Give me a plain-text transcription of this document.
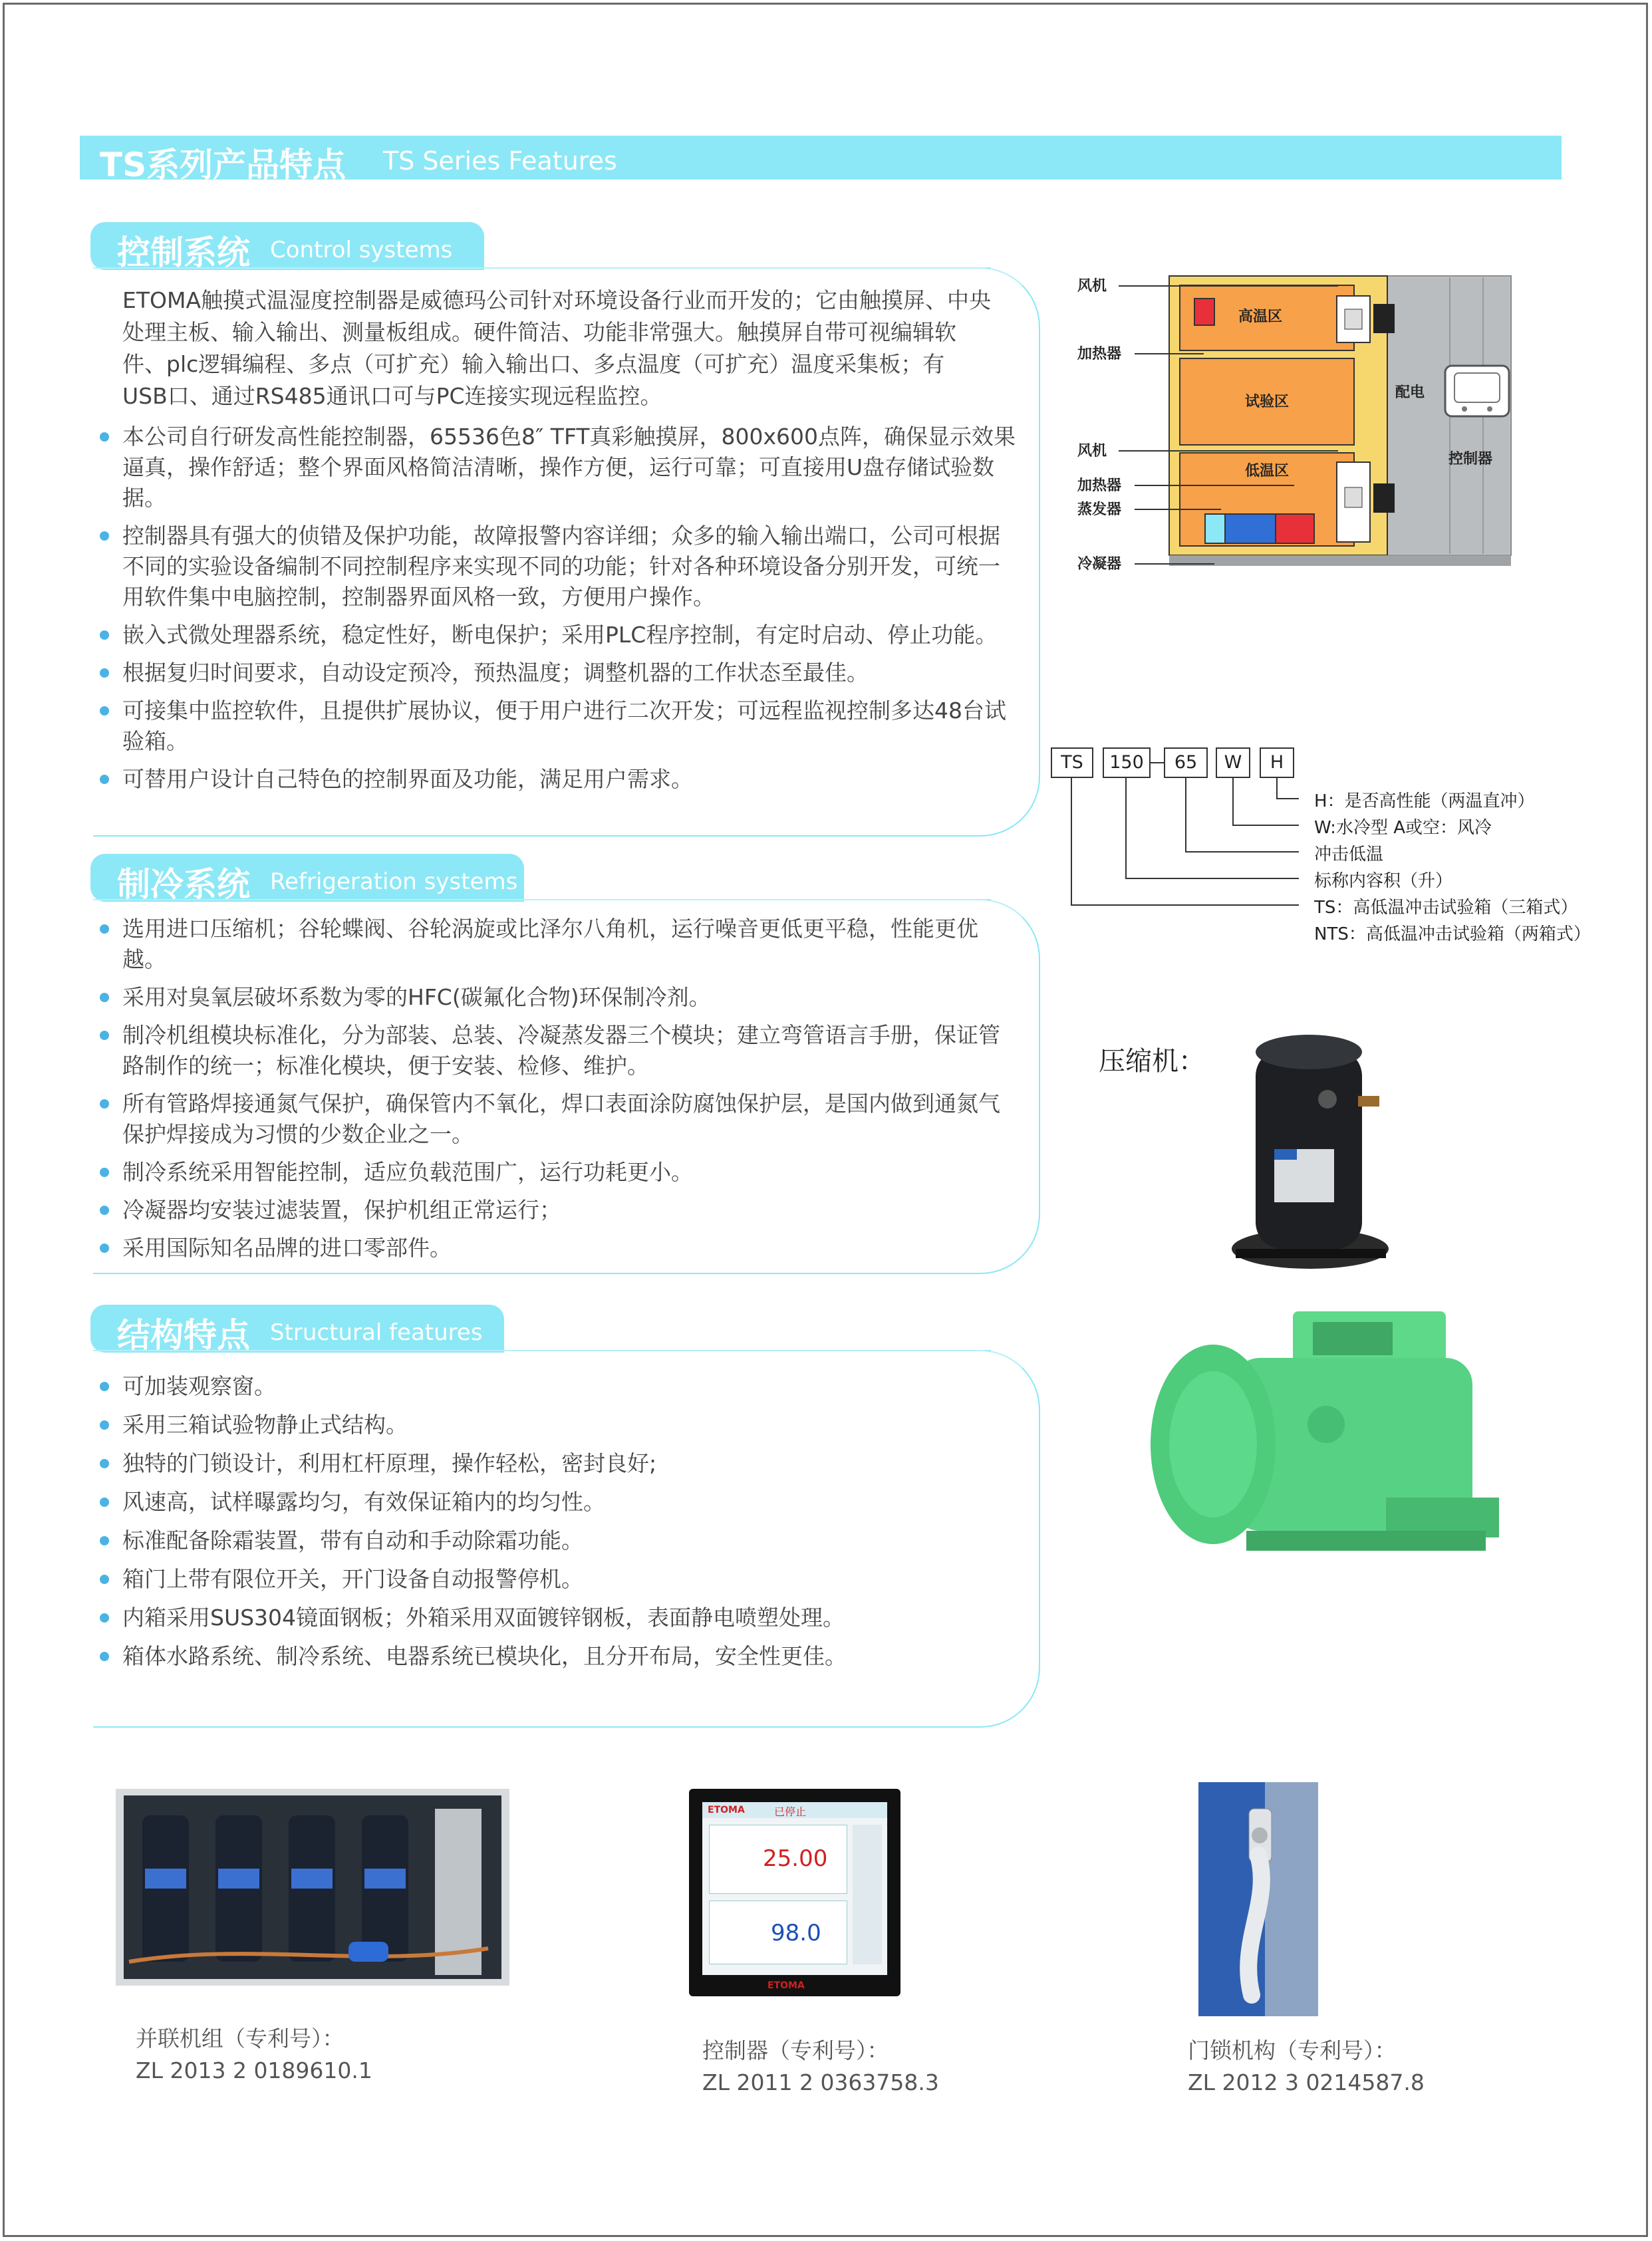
TS系列产品特点 TS Series Features
控制系统 Control systems
ETOMA触摸式温湿度控制器是威德玛公司针对环境设备行业而开发的；它由触摸屏、中央
处理主板、输入输出、测量板组成。硬件简洁、功能非常强大。触摸屏自带可视编辑软
件、plc逻辑编程、多点（可扩充）输入输出口、多点温度（可扩充）温度采集板；有
USB口、通过RS485通讯口可与PC连接实现远程监控。
本公司自行研发高性能控制器，65536色8″ TFT真彩触摸屏，800x600点阵，确保显示效果逼真，操作舒适；整个界面风格简洁清晰，操作方便，运行可靠；可直接用U盘存储试验数据。
控制器具有强大的侦错及保护功能，故障报警内容详细；众多的输入输出端口，公司可根据不同的实验设备编制不同控制程序来实现不同的功能；针对各种环境设备分别开发，可统一用软件集中电脑控制，控制器界面风格一致，方便用户操作。
嵌入式微处理器系统，稳定性好，断电保护；采用PLC程序控制，有定时启动、停止功能。
根据复归时间要求，自动设定预冷，预热温度；调整机器的工作状态至最佳。
可接集中监控软件，且提供扩展协议，便于用户进行二次开发；可远程监视控制多达48台试验箱。
可替用户设计自己特色的控制界面及功能，满足用户需求。
制冷系统 Refrigeration systems
选用进口压缩机；谷轮蝶阀、谷轮涡旋或比泽尔八角机，运行噪音更低更平稳，性能更优越。
采用对臭氧层破坏系数为零的HFC(碳氟化合物)环保制冷剂。
制冷机组模块标准化，分为部装、总装、冷凝蒸发器三个模块；建立弯管语言手册，保证管路制作的统一；标准化模块，便于安装、检修、维护。
所有管路焊接通氮气保护，确保管内不氧化，焊口表面涂防腐蚀保护层，是国内做到通氮气保护焊接成为习惯的少数企业之一。
制冷系统采用智能控制，适应负载范围广，运行功耗更小。
冷凝器均安装过滤装置，保护机组正常运行；
采用国际知名品牌的进口零部件。
结构特点 Structural features
可加装观察窗。
采用三箱试验物静止式结构。
独特的门锁设计，利用杠杆原理，操作轻松，密封良好;
风速高，试样曝露均匀，有效保证箱内的均匀性。
标准配备除霜装置，带有自动和手动除霜功能。
箱门上带有限位开关，开门设备自动报警停机。
内箱采用SUS304镜面钢板；外箱采用双面镀锌钢板，表面静电喷塑处理。
箱体水路系统、制冷系统、电器系统已模块化，且分开布局，安全性更佳。
风机
加热器
风机
加热器
蒸发器
冷凝器
高温区
试验区
低温区
配电
控制器
TS	150	65	W	H
H：是否高性能（两温直冲）
W:水冷型 A或空：风冷
冲击低温
标称内容积（升）
TS：高低温冲击试验箱（三箱式）
NTS：高低温冲击试验箱（两箱式）
压缩机：
ETOMA	已停止
25.00
98.0
ETOMA
并联机组（专利号）：
ZL 2013 2 0189610.1
控制器（专利号）：
ZL 2011 2 0363758.3
门锁机构（专利号）：
ZL 2012 3 0214587.8
